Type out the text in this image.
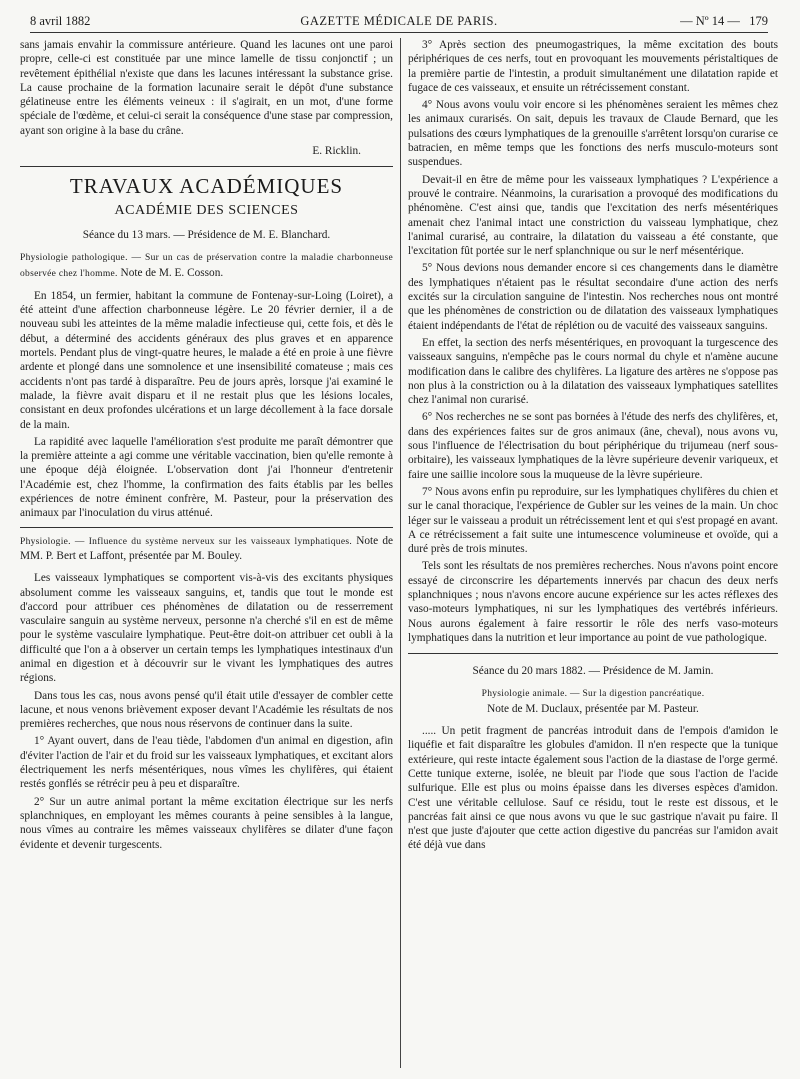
8 avril 1882	GAZETTE MÉDICALE DE PARIS.	— Nº 14 — 179

sans jamais envahir la commissure antérieure. Quand les lacunes ont une paroi propre, celle-ci est constituée par une mince lamelle de tissu conjonctif ; un revêtement épithélial n'existe que dans les lacunes intéressant la substance grise. La cause prochaine de la formation lacunaire serait le dépôt d'une substance gélatineuse entre les éléments veineux : il s'agirait, en un mot, d'une forme spéciale de l'œdème, et celui-ci serait la conséquence d'une stase par compression, ayant son origine à la base du crâne.

E. Ricklin.

TRAVAUX ACADÉMIQUES
ACADÉMIE DES SCIENCES

Séance du 13 mars. — Présidence de M. E. Blanchard.

Physiologie pathologique. — Sur un cas de préservation contre la maladie charbonneuse observée chez l'homme. Note de M. E. Cosson.

En 1854, un fermier, habitant la commune de Fontenay-sur-Loing (Loiret), a été atteint d'une affection charbonneuse légère. Le 20 février dernier, il a de nouveau subi les atteintes de la même maladie infectieuse qui, cette fois, et dès le début, a déterminé des accidents généraux des plus graves et en apparence mortels. Pendant plus de vingt-quatre heures, le malade a été en proie à une fièvre ardente et plongé dans une somnolence et une insensibilité comateuse ; mais ces accidents n'ont pas tardé à disparaître. Peu de jours après, lorsque j'ai examiné le malade, la fièvre avait disparu et il ne restait plus que les lésions locales, consistant en deux profondes ulcérations et un large décollement à la face dorsale de la main.

La rapidité avec laquelle l'amélioration s'est produite me paraît démontrer que la première atteinte a agi comme une véritable vaccination, bien qu'elle remonte à une époque déjà éloignée. L'observation dont j'ai l'honneur d'entretenir l'Académie est, chez l'homme, la confirmation des faits établis par les belles expériences de notre éminent confrère, M. Pasteur, pour la préservation des animaux par l'inoculation du virus atténué.

Physiologie. — Influence du système nerveux sur les vaisseaux lymphatiques. Note de MM. P. Bert et Laffont, présentée par M. Bouley.

Les vaisseaux lymphatiques se comportent vis-à-vis des excitants physiques absolument comme les vaisseaux sanguins, et, tandis que tout le monde est d'accord pour attribuer ces phénomènes de dilatation ou de resserrement vasculaire sanguin au système nerveux, personne n'a cherché s'il en est de même pour le système vasculaire lymphatique. Peut-être doit-on attribuer cet oubli à la difficulté que l'on a à observer un certain temps les lymphatiques intestinaux d'un animal en digestion et à découvrir sur le vivant les lymphatiques des autres régions.

Dans tous les cas, nous avons pensé qu'il était utile d'essayer de combler cette lacune, et nous venons brièvement exposer devant l'Académie les résultats de nos premières recherches, que nous nous réservons de continuer dans la suite.

1° Ayant ouvert, dans de l'eau tiède, l'abdomen d'un animal en digestion, afin d'éviter l'action de l'air et du froid sur les vaisseaux lymphatiques, et excitant alors électriquement les nerfs mésentériques, nous vîmes les chylifères, qui étaient restés gonflés se rétrécir peu à peu et disparaître.

2° Sur un autre animal portant la même excitation électrique sur les nerfs splanchniques, en employant les mêmes courants à peine sensibles à la langue, nous vîmes au contraire les mêmes vaisseaux chylifères se dilater d'une façon évidente et devenir turgescents.

3° Après section des pneumogastriques, la même excitation des bouts périphériques de ces nerfs, tout en provoquant les mouvements péristaltiques de la première partie de l'intestin, a produit simultanément une dilatation rapide et fugace de ces vaisseaux, et ensuite un rétrécissement constant.

4° Nous avons voulu voir encore si les phénomènes seraient les mêmes chez les animaux curarisés. On sait, depuis les travaux de Claude Bernard, que les pulsations des cœurs lymphatiques de la grenouille s'arrêtent lorsqu'on curarise ce batracien, en même temps que les fonctions des nerfs musculo-moteurs sont suspendues.

Devait-il en être de même pour les vaisseaux lymphatiques ? L'expérience a prouvé le contraire. Néanmoins, la curarisation a provoqué des modifications du phénomène. C'est ainsi que, tandis que l'excitation des nerfs mésentériques amenait chez l'animal intact une constriction du vaisseau lymphatique, chez l'animal curarisé, au contraire, la dilatation du vaisseau a été constante, que l'excitation fût portée sur le nerf splanchnique ou sur le nerf mésentérique.

5° Nous devions nous demander encore si ces changements dans le diamètre des lymphatiques n'étaient pas le résultat secondaire d'une action des nerfs excités sur la circulation sanguine de l'intestin. Nos recherches nous ont montré que les phénomènes de constriction ou de dilatation des vaisseaux lymphatiques étaient indépendants de l'état de réplétion ou de vacuité des vaisseaux sanguins.

En effet, la section des nerfs mésentériques, en provoquant la turgescence des vaisseaux sanguins, n'empêche pas le cours normal du chyle et n'amène aucune modification dans le calibre des chylifères. La ligature des artères ne s'oppose pas non plus à la constriction ou à la dilatation des vaisseaux lymphatiques satellites chez l'animal non curarisé.

6° Nos recherches ne se sont pas bornées à l'étude des nerfs des chylifères, et, dans des expériences faites sur de gros animaux (âne, cheval), nous avons vu, sous l'influence de l'électrisation du bout périphérique du trijumeau (nerf sous-orbitaire), les vaisseaux lymphatiques de la lèvre supérieure devenir variqueux, et faire une saillie incolore sous la muqueuse de la lèvre supérieure.

7° Nous avons enfin pu reproduire, sur les lymphatiques chylifères du chien et sur le canal thoracique, l'expérience de Gubler sur les veines de la main. Un choc léger sur le vaisseau a produit un rétrécissement lent et qui s'est propagé en avant. A ce rétrécissement a fait suite une intumescence volumineuse et ovoïde, qui a duré près de trois minutes.

Tels sont les résultats de nos premières recherches. Nous n'avons point encore essayé de circonscrire les départements innervés par chacun des deux nerfs splanchniques ; nous n'avons encore aucune expérience sur les actes réflexes des vaso-moteurs lymphatiques, ni sur les lymphatiques des vertébrés inférieurs. Nous aurons également à faire ressortir le rôle des nerfs vaso-moteurs lymphatiques dans la nutrition et leur importance au point de vue pathologique.

Séance du 20 mars 1882. — Présidence de M. Jamin.

Physiologie animale. — Sur la digestion pancréatique.
Note de M. Duclaux, présentée par M. Pasteur.

..... Un petit fragment de pancréas introduit dans de l'empois d'amidon le liquéfie et fait disparaître les globules d'amidon. Il n'en respecte que la tunique extérieure, qui reste intacte également sous l'action de la diastase de l'orge germé. Cette tunique externe, isolée, ne bleuit par l'iode que sous l'action de l'acide sulfurique. Elle est plus ou moins épaisse dans les diverses espèces d'amidon. C'est une véritable cellulose. Sauf ce résidu, tout le reste est dissous, et le pancréas fait ainsi ce que nous avons vu que le suc gastrique n'avait pu faire. Il n'est que juste d'ajouter que cette action digestive du pancréas sur l'amidon avait été déjà vue dans
